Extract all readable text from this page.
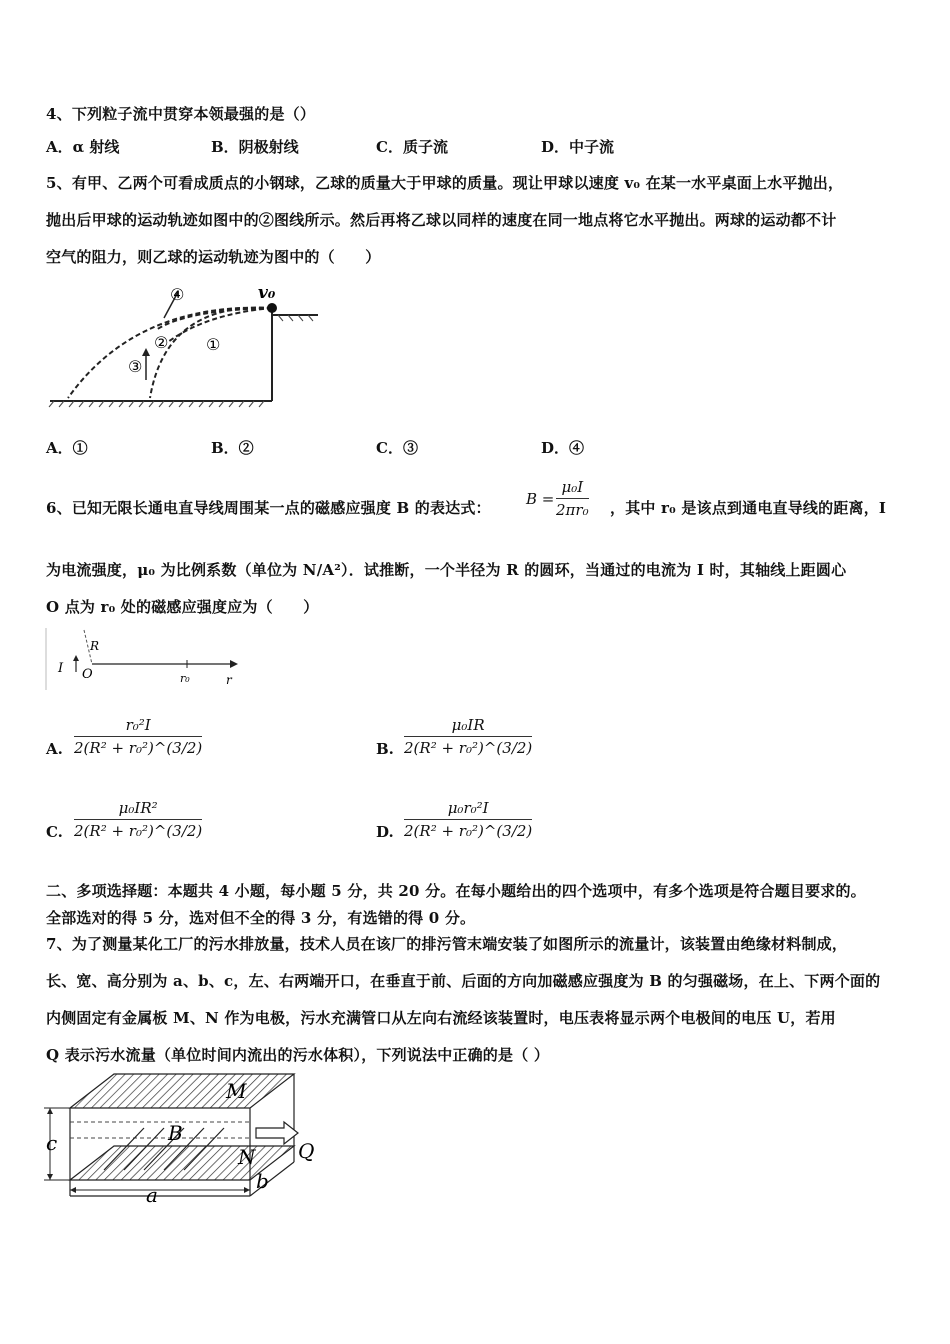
4、下列粒子流中贯穿本领最强的是（）
A．α 射线	B．阴极射线	C．质子流	D．中子流
5、有甲、乙两个可看成质点的小钢球，乙球的质量大于甲球的质量。现让甲球以速度 v₀ 在某一水平桌面上水平抛出，
抛出后甲球的运动轨迹如图中的②图线所示。然后再将乙球以同样的速度在同一地点将它水平抛出。两球的运动都不计
空气的阻力，则乙球的运动轨迹为图中的（　　）
v₀
④
② ①
③
A．①	B．②	C．③	D．④
6、已知无限长通电直导线周围某一点的磁感应强度 B 的表达式： B =
μ₀I
2πr₀ ，其中 r₀ 是该点到通电直导线的距离，I
为电流强度，μ₀ 为比例系数（单位为 N/A²）．试推断，一个半径为 R 的圆环，当通过的电流为 I 时，其轴线上距圆心
O 点为 r₀ 处的磁感应强度应为（　　）
I O
R
r₀	r
A. $\frac{\text{r₀²I}}{\text{2(R² + r₀²)\textasciicircum{}(3/2)}}$	B. $\frac{\text{μ₀IR}}{\text{2(R² + r₀²)\textasciicircum{}(3/2)}}$
C. $\frac{\text{μ₀IR²}}{\text{2(R² + r₀²)\textasciicircum{}(3/2)}}$	D. $\frac{\text{μ₀r₀²I}}{\text{2(R² + r₀²)\textasciicircum{}(3/2)}}$
二、多项选择题：本题共 4 小题，每小题 5 分，共 20 分。在每小题给出的四个选项中，有多个选项是符合题目要求的。
全部选对的得 5 分，选对但不全的得 3 分，有选错的得 0 分。
7、为了测量某化工厂的污水排放量，技术人员在该厂的排污管末端安装了如图所示的流量计，该装置由绝缘材料制成，
长、宽、高分别为 a、b、c，左、右两端开口，在垂直于前、后面的方向加磁感应强度为 B 的匀强磁场，在上、下两个面的
内侧固定有金属板 M、N 作为电极，污水充满管口从左向右流经该装置时，电压表将显示两个电极间的电压 U，若用
Q 表示污水流量（单位时间内流出的污水体积），下列说法中正确的是（ ）
M
N
B
Q
a
b
c
